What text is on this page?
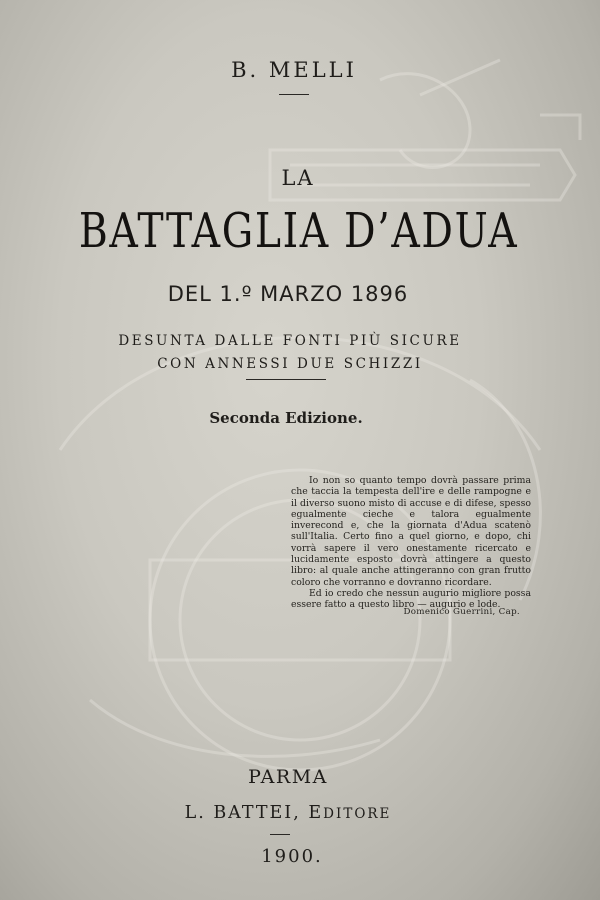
B. MELLI
LA
BATTAGLIA D’ADUA
DEL 1.º MARZO 1896
DESUNTA DALLE FONTI PIÙ SICURE
CON ANNESSI DUE SCHIZZI
Seconda Edizione.

Io non so quanto tempo dovrà passare prima che taccia la tempesta dell'ire e delle rampogne e il diverso suono misto di accuse e di difese, spesso egualmente cieche e talora egualmente inverecond e, che la giornata d'Adua scatenò sull'Italia. Certo fino a quel giorno, e dopo, chi vorrà sapere il vero onestamente ricercato e lucidamente esposto dovrà attingere a questo libro: al quale anche attingeranno con gran frutto coloro che vorranno e dovranno ricordare.

Ed io credo che nessun augurio migliore possa essere fatto a questo libro — augurio e lode.

Domenico Guerrini, Cap.
PARMA
L. BATTEI, EDITORE
1900.
